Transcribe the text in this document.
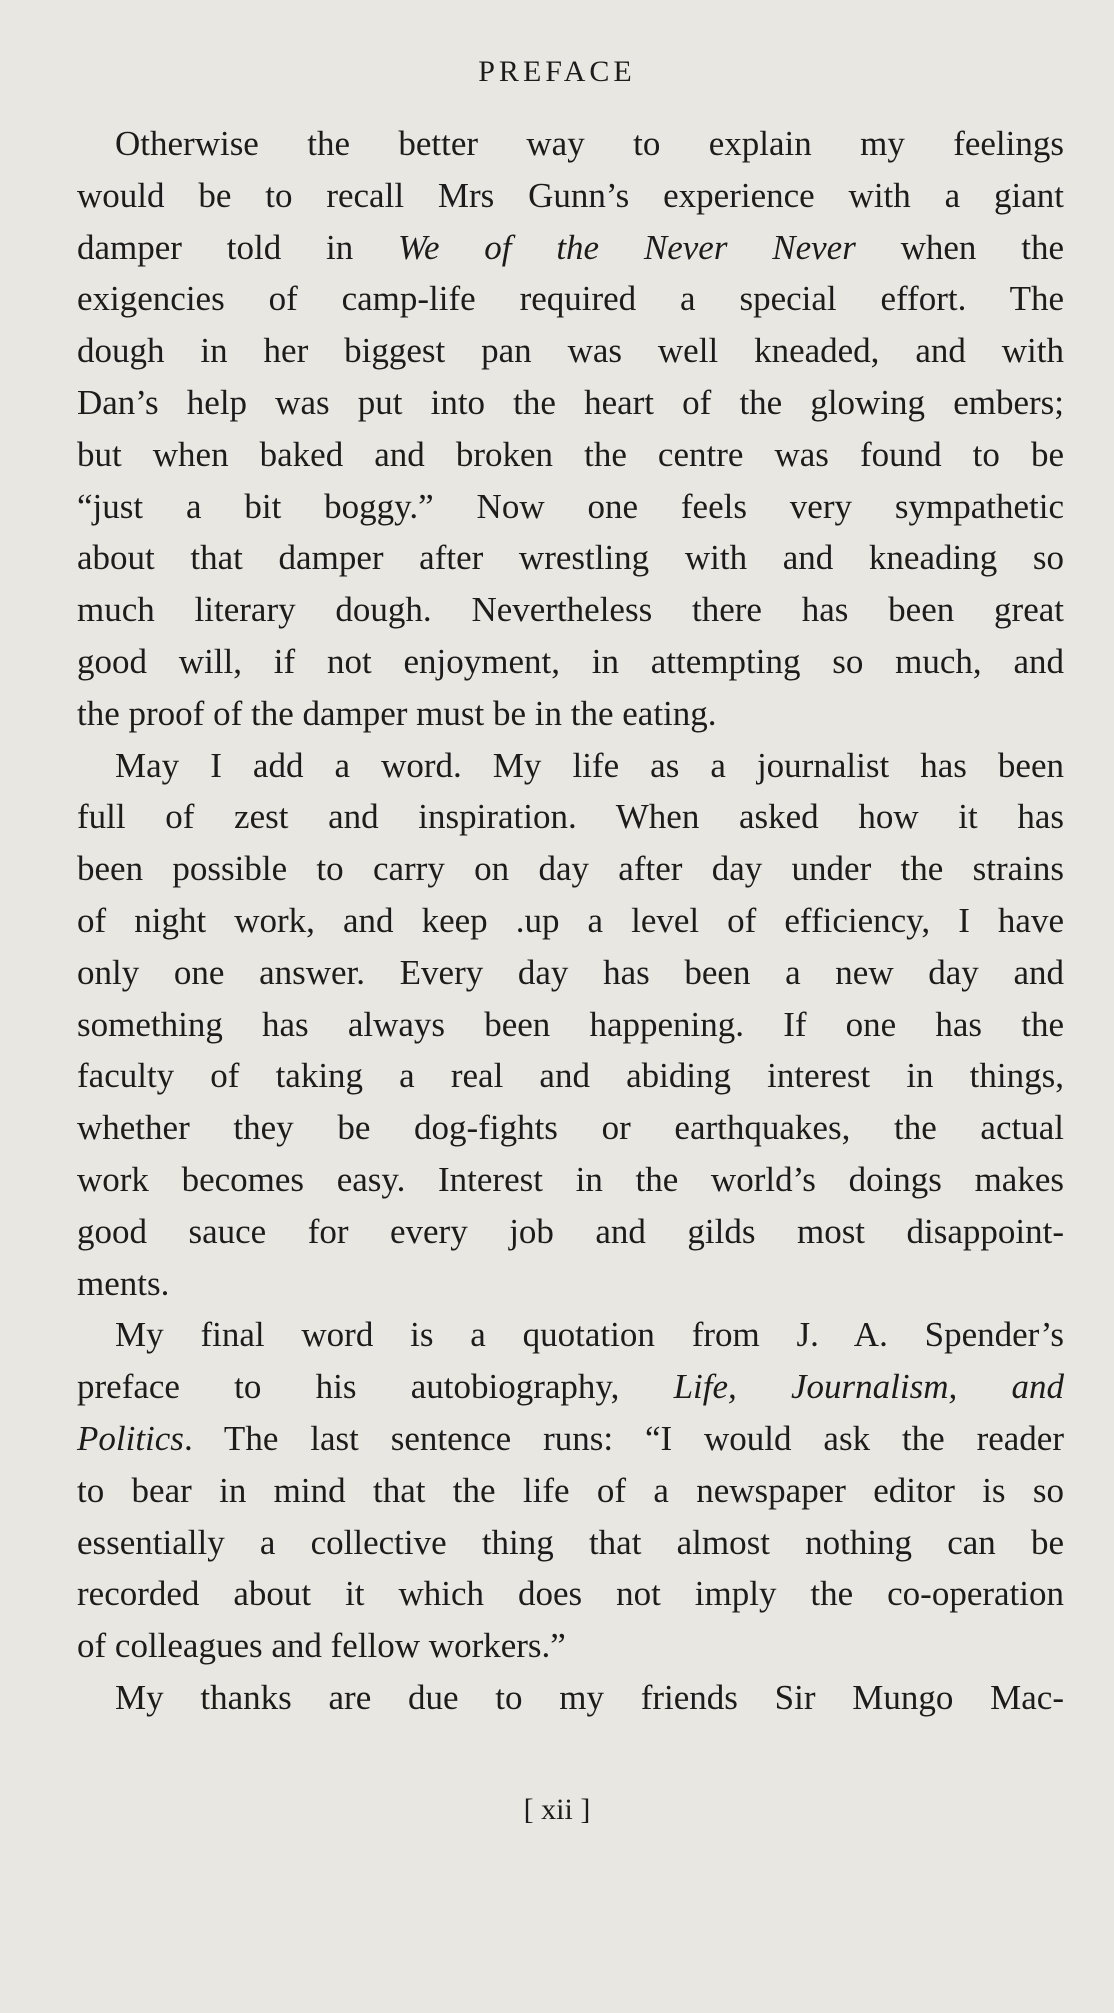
PREFACE
Otherwise the better way to explain my feelings
would be to recall Mrs Gunn’s experience with a giant
damper told in We of the Never Never when the
exigencies of camp-life required a special effort. The
dough in her biggest pan was well kneaded, and with
Dan’s help was put into the heart of the glowing embers;
but when baked and broken the centre was found to be
“just a bit boggy.” Now one feels very sympathetic
about that damper after wrestling with and kneading so
much literary dough. Nevertheless there has been great
good will, if not enjoyment, in attempting so much, and
the proof of the damper must be in the eating.
May I add a word. My life as a journalist has been
full of zest and inspiration. When asked how it has
been possible to carry on day after day under the strains
of night work, and keep .up a level of efficiency, I have
only one answer. Every day has been a new day and
something has always been happening. If one has the
faculty of taking a real and abiding interest in things,
whether they be dog-fights or earthquakes, the actual
work becomes easy. Interest in the world’s doings makes
good sauce for every job and gilds most disappoint-
ments.
My final word is a quotation from J. A. Spender’s
preface to his autobiography, Life, Journalism, and
Politics. The last sentence runs: “I would ask the reader
to bear in mind that the life of a newspaper editor is so
essentially a collective thing that almost nothing can be
recorded about it which does not imply the co-operation
of colleagues and fellow workers.”
My thanks are due to my friends Sir Mungo Mac-
[ xii ]
